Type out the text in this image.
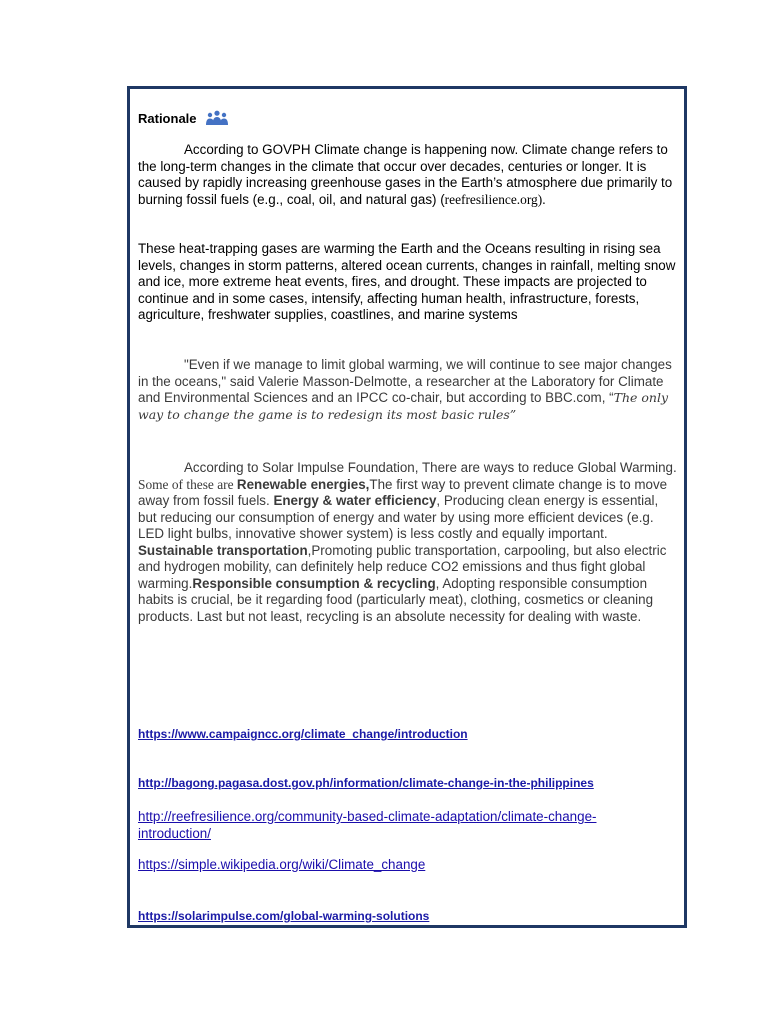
Rationale
According to GOVPH Climate change is happening now. Climate change refers to the long-term changes in the climate that occur over decades, centuries or longer. It is caused by rapidly increasing greenhouse gases in the Earth’s atmosphere due primarily to burning fossil fuels (e.g., coal, oil, and natural gas) (reefresilience.org).
These heat-trapping gases are warming the Earth and the Oceans resulting in rising sea levels, changes in storm patterns, altered ocean currents, changes in rainfall, melting snow and ice, more extreme heat events, fires, and drought. These impacts are projected to continue and in some cases, intensify, affecting human health, infrastructure, forests, agriculture, freshwater supplies, coastlines, and marine systems
"Even if we manage to limit global warming, we will continue to see major changes in the oceans," said Valerie Masson-Delmotte, a researcher at the Laboratory for Climate and Environmental Sciences and an IPCC co-chair, but according to BBC.com, “The only way to change the game is to redesign its most basic rules”
According to Solar Impulse Foundation, There are ways to reduce Global Warming. Some of these are Renewable energies,The first way to prevent climate change is to move away from fossil fuels. Energy & water efficiency, Producing clean energy is essential, but reducing our consumption of energy and water by using more efficient devices (e.g. LED light bulbs, innovative shower system) is less costly and equally important. Sustainable transportation,Promoting public transportation, carpooling, but also electric and hydrogen mobility, can definitely help reduce CO2 emissions and thus fight global warming.Responsible consumption & recycling, Adopting responsible consumption habits is crucial, be it regarding food (particularly meat), clothing, cosmetics or cleaning products. Last but not least, recycling is an absolute necessity for dealing with waste.
https://www.campaigncc.org/climate_change/introduction
http://bagong.pagasa.dost.gov.ph/information/climate-change-in-the-philippines
http://reefresilience.org/community-based-climate-adaptation/climate-change-introduction/
https://simple.wikipedia.org/wiki/Climate_change
https://solarimpulse.com/global-warming-solutions
